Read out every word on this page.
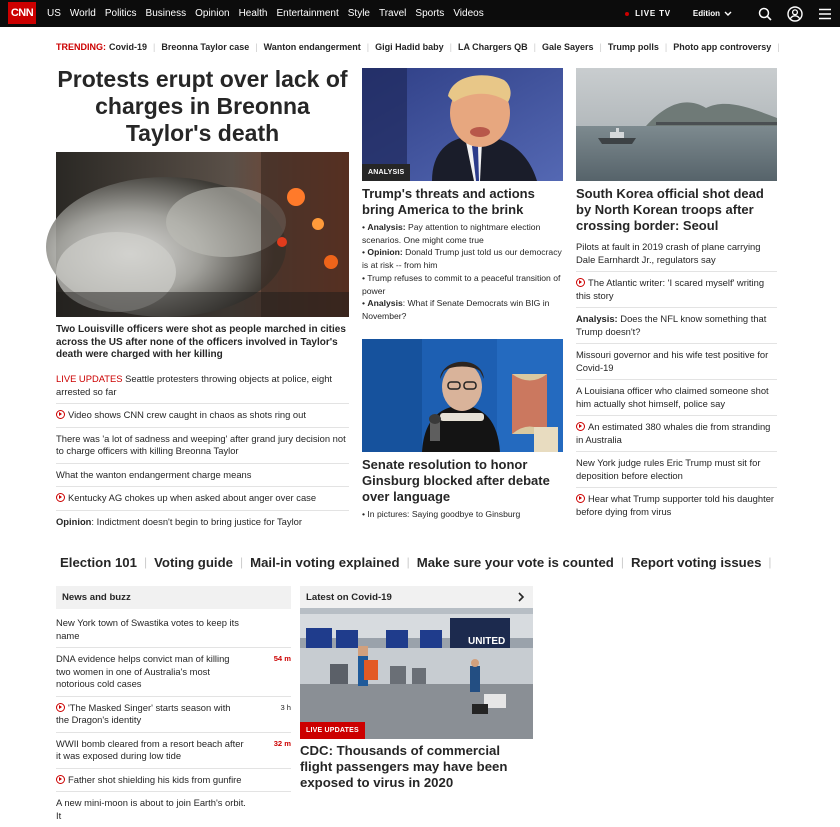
CNN US World Politics Business Opinion Health Entertainment Style Travel Sports Videos	LIVE TV	Edition
TRENDING: Covid-19 | Breonna Taylor case | Wanton endangerment | Gigi Hadid baby | LA Chargers QB | Gale Sayers | Trump polls | Photo app controversy |
Protests erupt over lack of charges in Breonna Taylor's death
Two Louisville officers were shot as people marched in cities across the US after none of the officers involved in Taylor's death were charged with her killing
LIVE UPDATES Seattle protesters throwing objects at police, eight arrested so far
Video shows CNN crew caught in chaos as shots ring out
There was 'a lot of sadness and weeping' after grand jury decision not to charge officers with killing Breonna Taylor
What the wanton endangerment charge means
Kentucky AG chokes up when asked about anger over case
Opinion: Indictment doesn't begin to bring justice for Taylor
ANALYSIS
Trump's threats and actions bring America to the brink
• Analysis: Pay attention to nightmare election scenarios. One might come true
• Opinion: Donald Trump just told us our democracy is at risk -- from him
• Trump refuses to commit to a peaceful transition of power
• Analysis: What if Senate Democrats win BIG in November?
Senate resolution to honor Ginsburg blocked after debate over language
• In pictures: Saying goodbye to Ginsburg
South Korea official shot dead by North Korean troops after crossing border: Seoul
Pilots at fault in 2019 crash of plane carrying Dale Earnhardt Jr., regulators say
The Atlantic writer: 'I scared myself' writing this story
Analysis: Does the NFL know something that Trump doesn't?
Missouri governor and his wife test positive for Covid-19
A Louisiana officer who claimed someone shot him actually shot himself, police say
An estimated 380 whales die from stranding in Australia
New York judge rules Eric Trump must sit for deposition before election
Hear what Trump supporter told his daughter before dying from virus
Election 101 | Voting guide | Mail-in voting explained | Make sure your vote is counted | Report voting issues |
News and buzz
New York town of Swastika votes to keep its name
DNA evidence helps convict man of killing two women in one of Australia's most notorious cold cases
54 m
'The Masked Singer' starts season with the Dragon's identity
3 h
WWII bomb cleared from a resort beach after it was exposed during low tide
32 m
Father shot shielding his kids from gunfire
A new mini-moon is about to join Earth's orbit. It
Latest on Covid-19
UNITED
LIVE UPDATES
CDC: Thousands of commercial flight passengers may have been exposed to virus in 2020
